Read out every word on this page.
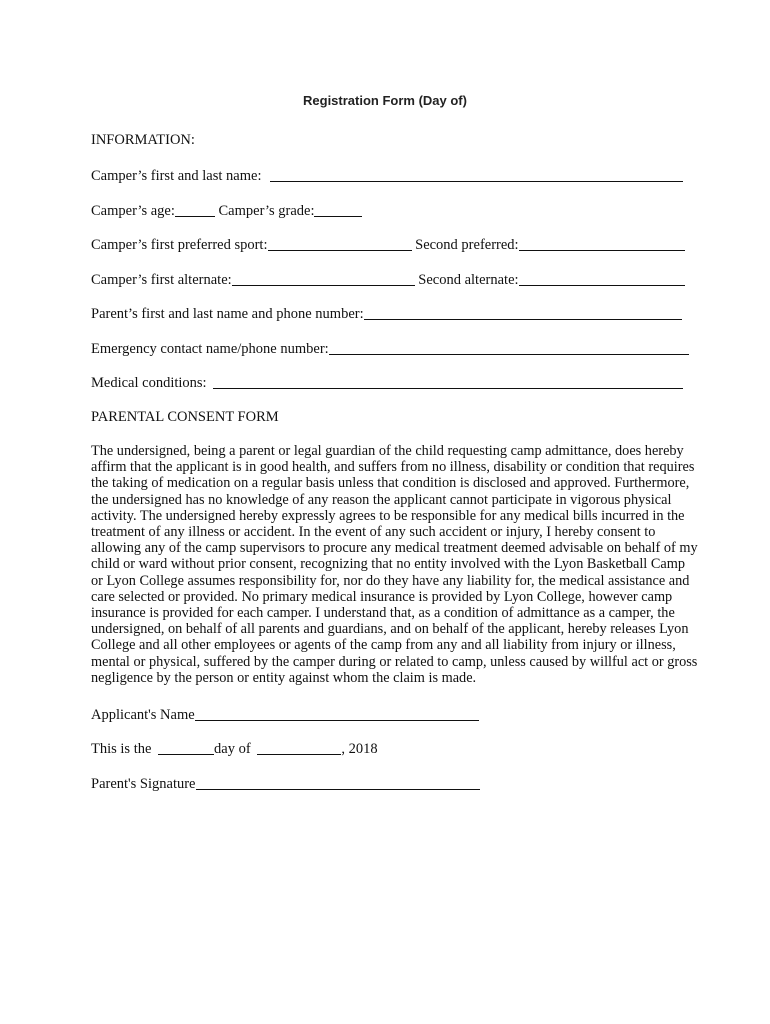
Registration Form (Day of)
INFORMATION:
Camper’s first and last name:
Camper’s age:	Camper’s grade:
Camper’s first preferred sport:	Second preferred:
Camper’s first alternate:	Second alternate:
Parent’s first and last name and phone number:
Emergency contact name/phone number:
Medical conditions:
PARENTAL CONSENT FORM
The undersigned, being a parent or legal guardian of the child requesting camp admittance, does hereby
affirm that the applicant is in good health, and suffers from no illness, disability or condition that requires
the taking of medication on a regular basis unless that condition is disclosed and approved. Furthermore,
the undersigned has no knowledge of any reason the applicant cannot participate in vigorous physical
activity. The undersigned hereby expressly agrees to be responsible for any medical bills incurred in the
treatment of any illness or accident. In the event of any such accident or injury, I hereby consent to
allowing any of the camp supervisors to procure any medical treatment deemed advisable on behalf of my
child or ward without prior consent, recognizing that no entity involved with the Lyon Basketball Camp
or Lyon College assumes responsibility for, nor do they have any liability for, the medical assistance and
care selected or provided. No primary medical insurance is provided by Lyon College, however camp
insurance is provided for each camper. I understand that, as a condition of admittance as a camper, the
undersigned, on behalf of all parents and guardians, and on behalf of the applicant, hereby releases Lyon
College and all other employees or agents of the camp from any and all liability from injury or illness,
mental or physical, suffered by the camper during or related to camp, unless caused by willful act or gross
negligence by the person or entity against whom the claim is made.
Applicant's Name
This is the	day of	, 2018
Parent's Signature
